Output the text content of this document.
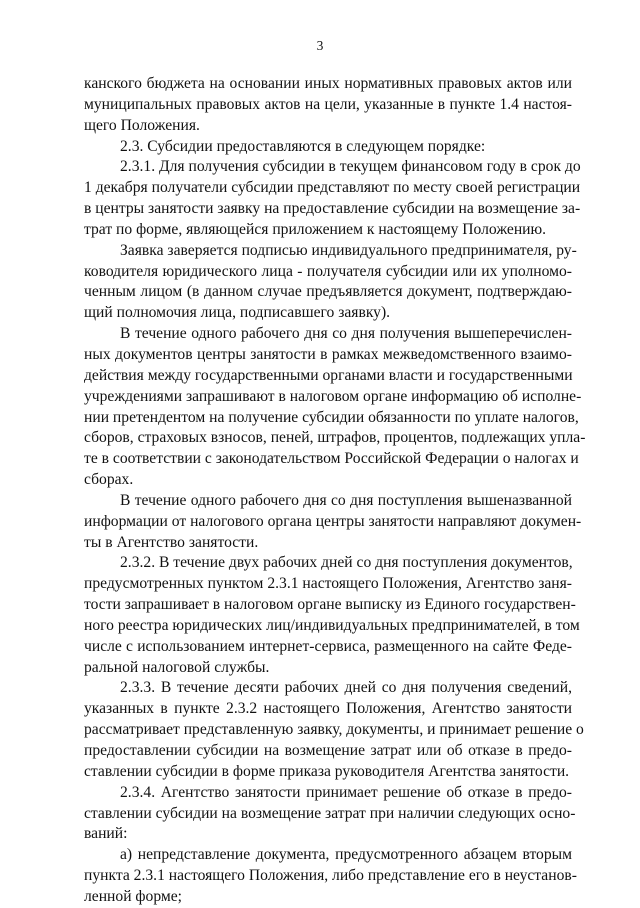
3
канского бюджета на основании иных нормативных правовых актов или
муниципальных правовых актов на цели, указанные в пункте 1.4 настоя-
щего Положения.
2.3. Субсидии предоставляются в следующем порядке:
2.3.1. Для получения субсидии в текущем финансовом году в срок до
1 декабря получатели субсидии представляют по месту своей регистрации
в центры занятости заявку на предоставление субсидии на возмещение за-
трат по форме, являющейся приложением к настоящему Положению.
Заявка заверяется подписью индивидуального предпринимателя, ру-
ководителя юридического лица - получателя субсидии или их уполномо-
ченным лицом (в данном случае предъявляется документ, подтверждаю-
щий полномочия лица, подписавшего заявку).
В течение одного рабочего дня со дня получения вышеперечислен-
ных документов центры занятости в рамках межведомственного взаимо-
действия между государственными органами власти и государственными
учреждениями запрашивают в налоговом органе информацию об исполне-
нии претендентом на получение субсидии обязанности по уплате налогов,
сборов, страховых взносов, пеней, штрафов, процентов, подлежащих упла-
те в соответствии с законодательством Российской Федерации о налогах и
сборах.
В течение одного рабочего дня со дня поступления вышеназванной
информации от налогового органа центры занятости направляют докумен-
ты в Агентство занятости.
2.3.2. В течение двух рабочих дней со дня поступления документов,
предусмотренных пунктом 2.3.1 настоящего Положения, Агентство заня-
тости запрашивает в налоговом органе выписку из Единого государствен-
ного реестра юридических лиц/индивидуальных предпринимателей, в том
числе с использованием интернет-сервиса, размещенного на сайте Феде-
ральной налоговой службы.
2.3.3. В течение десяти рабочих дней со дня получения сведений,
указанных в пункте 2.3.2 настоящего Положения, Агентство занятости
рассматривает представленную заявку, документы, и принимает решение о
предоставлении субсидии на возмещение затрат или об отказе в предо-
ставлении субсидии в форме приказа руководителя Агентства занятости.
2.3.4. Агентство занятости принимает решение об отказе в предо-
ставлении субсидии на возмещение затрат при наличии следующих осно-
ваний:
а) непредставление документа, предусмотренного абзацем вторым
пункта 2.3.1 настоящего Положения, либо представление его в неустанов-
ленной форме;
